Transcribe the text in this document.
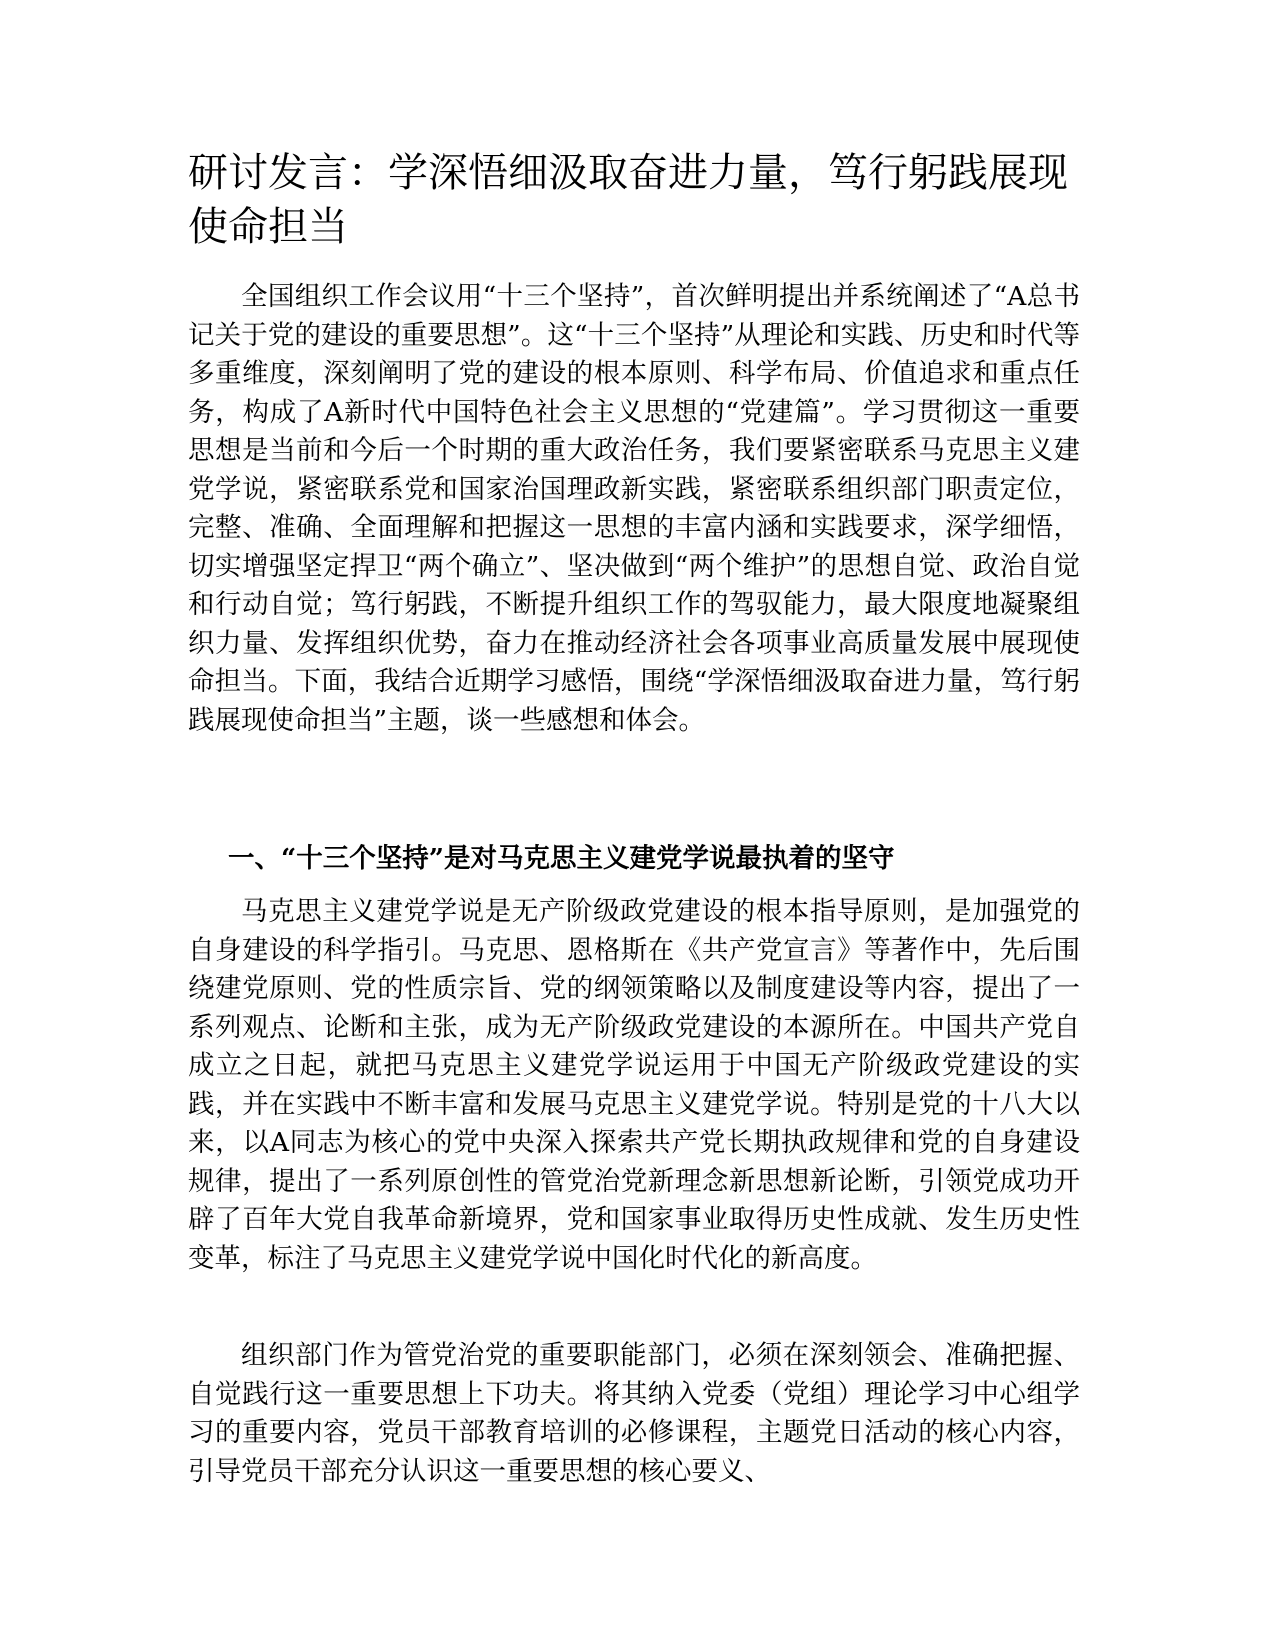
研讨发言：学深悟细汲取奋进力量，笃行躬践展现使命担当

全国组织工作会议用“十三个坚持”，首次鲜明提出并系统阐述了“A总书记关于党的建设的重要思想”。这“十三个坚持”从理论和实践、历史和时代等多重维度，深刻阐明了党的建设的根本原则、科学布局、价值追求和重点任务，构成了A新时代中国特色社会主义思想的“党建篇”。学习贯彻这一重要思想是当前和今后一个时期的重大政治任务，我们要紧密联系马克思主义建党学说，紧密联系党和国家治国理政新实践，紧密联系组织部门职责定位，完整、准确、全面理解和把握这一思想的丰富内涵和实践要求，深学细悟，切实增强坚定捍卫“两个确立”、坚决做到“两个维护”的思想自觉、政治自觉和行动自觉；笃行躬践，不断提升组织工作的驾驭能力，最大限度地凝聚组织力量、发挥组织优势，奋力在推动经济社会各项事业高质量发展中展现使命担当。下面，我结合近期学习感悟，围绕“学深悟细汲取奋进力量，笃行躬践展现使命担当”主题，谈一些感想和体会。

一、“十三个坚持”是对马克思主义建党学说最执着的坚守

马克思主义建党学说是无产阶级政党建设的根本指导原则，是加强党的自身建设的科学指引。马克思、恩格斯在《共产党宣言》等著作中，先后围绕建党原则、党的性质宗旨、党的纲领策略以及制度建设等内容，提出了一系列观点、论断和主张，成为无产阶级政党建设的本源所在。中国共产党自成立之日起，就把马克思主义建党学说运用于中国无产阶级政党建设的实践，并在实践中不断丰富和发展马克思主义建党学说。特别是党的十八大以来，以A同志为核心的党中央深入探索共产党长期执政规律和党的自身建设规律，提出了一系列原创性的管党治党新理念新思想新论断，引领党成功开辟了百年大党自我革命新境界，党和国家事业取得历史性成就、发生历史性变革，标注了马克思主义建党学说中国化时代化的新高度。

组织部门作为管党治党的重要职能部门，必须在深刻领会、准确把握、自觉践行这一重要思想上下功夫。将其纳入党委（党组）理论学习中心组学习的重要内容，党员干部教育培训的必修课程，主题党日活动的核心内容，引导党员干部充分认识这一重要思想的核心要义、
